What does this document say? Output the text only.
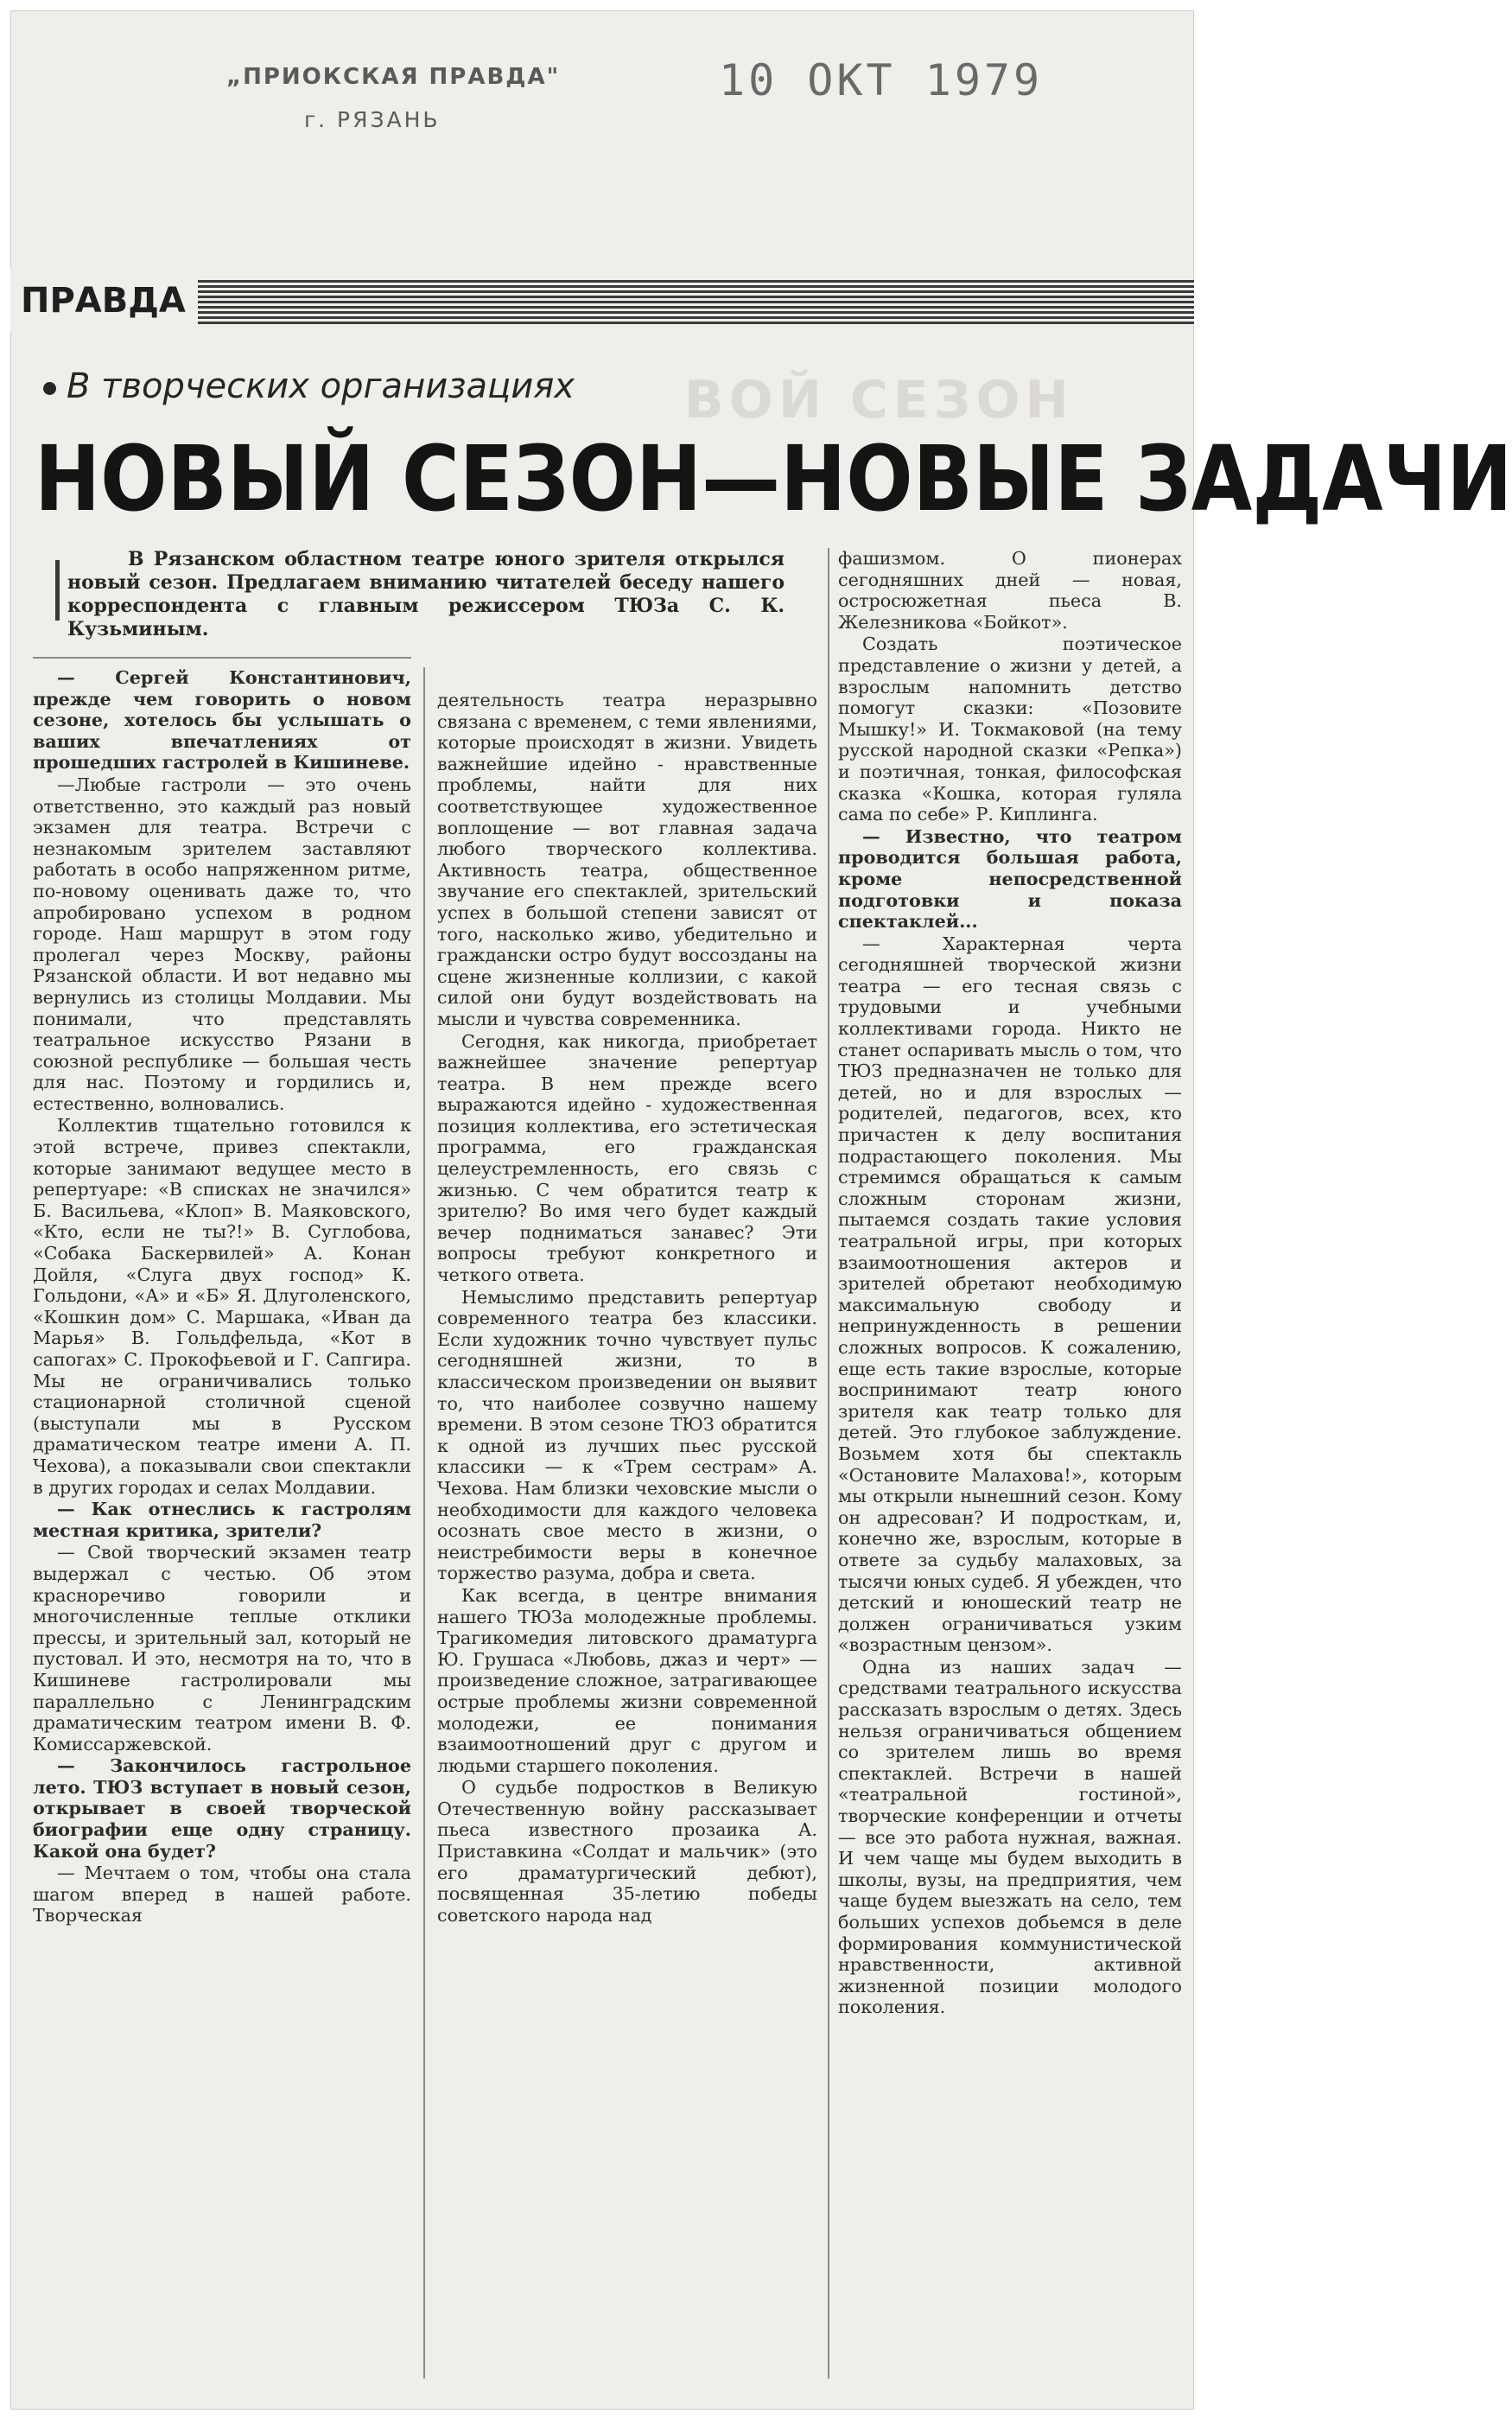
„ПРИОКСКАЯ ПРАВДА"
г. РЯЗАНЬ
10 ОКТ 1979
ПРАВДА
ВОЙ СЕЗОН
В творческих организациях
НОВЫЙ СЕЗОН—НОВЫЕ ЗАДАЧИ
В Рязанском областном театре юного зрителя открылся новый сезон. Предлагаем вниманию читателей беседу нашего корреспондента с главным режиссером ТЮЗа С. К. Кузьминым.

— Сергей Константинович, прежде чем говорить о новом сезоне, хотелось бы услышать о ваших впечатлениях от прошедших гастролей в Кишиневе.

—Любые гастроли — это очень ответственно, это каждый раз новый экзамен для театра. Встречи с незнакомым зрителем заставляют работать в особо напряженном ритме, по-новому оценивать даже то, что апробировано успехом в родном городе. Наш маршрут в этом году пролегал через Москву, районы Рязанской области. И вот недавно мы вернулись из столицы Молдавии. Мы понимали, что представлять театральное искусство Рязани в союзной республике — большая честь для нас. Поэтому и гордились и, естественно, волновались.

Коллектив тщательно готовился к этой встрече, привез спектакли, которые занимают ведущее место в репертуаре: «В списках не значился» Б. Васильева, «Клоп» В. Маяковского, «Кто, если не ты?!» В. Суглобова, «Собака Баскервилей» А. Конан Дойля, «Слуга двух господ» К. Гольдони, «А» и «Б» Я. Длуголенского, «Кошкин дом» С. Маршака, «Иван да Марья» В. Гольдфельда, «Кот в сапогах» С. Прокофьевой и Г. Сапгира. Мы не ограничивались только стационарной столичной сценой (выступали мы в Русском драматическом театре имени А. П. Чехова), а показывали свои спектакли в других городах и селах Молдавии.

— Как отнеслись к гастролям местная критика, зрители?

— Свой творческий экзамен театр выдержал с честью. Об этом красноречиво говорили и многочисленные теплые отклики прессы, и зрительный зал, который не пустовал. И это, несмотря на то, что в Кишиневе гастролировали мы параллельно с Ленинградским драматическим театром имени В. Ф. Комиссаржевской.

— Закончилось гастрольное лето. ТЮЗ вступает в новый сезон, открывает в своей творческой биографии еще одну страницу. Какой она будет?

— Мечтаем о том, чтобы она стала шагом вперед в нашей работе. Творческая

деятельность театра неразрывно связана с временем, с теми явлениями, которые происходят в жизни. Увидеть важнейшие идейно - нравственные проблемы, найти для них соответствующее художественное воплощение — вот главная задача любого творческого коллектива. Активность театра, общественное звучание его спектаклей, зрительский успех в большой степени зависят от того, насколько живо, убедительно и граждански остро будут воссозданы на сцене жизненные коллизии, с какой силой они будут воздействовать на мысли и чувства современника.

Сегодня, как никогда, приобретает важнейшее значение репертуар театра. В нем прежде всего выражаются идейно - художественная позиция коллектива, его эстетическая программа, его гражданская целеустремленность, его связь с жизнью. С чем обратится театр к зрителю? Во имя чего будет каждый вечер подниматься занавес? Эти вопросы требуют конкретного и четкого ответа.

Немыслимо представить репертуар современного театра без классики. Если художник точно чувствует пульс сегодняшней жизни, то в классическом произведении он выявит то, что наиболее созвучно нашему времени. В этом сезоне ТЮЗ обратится к одной из лучших пьес русской классики — к «Трем сестрам» А. Чехова. Нам близки чеховские мысли о необходимости для каждого человека осознать свое место в жизни, о неистребимости веры в конечное торжество разума, добра и света.

Как всегда, в центре внимания нашего ТЮЗа молодежные проблемы. Трагикомедия литовского драматурга Ю. Грушаса «Любовь, джаз и черт» — произведение сложное, затрагивающее острые проблемы жизни современной молодежи, ее понимания взаимоотношений друг с другом и людьми старшего поколения.

О судьбе подростков в Великую Отечественную войну рассказывает пьеса известного прозаика А. Приставкина «Солдат и мальчик» (это его драматургический дебют), посвященная 35-летию победы советского народа над

фашизмом. О пионерах сегодняшних дней — новая, остросюжетная пьеса В. Железникова «Бойкот».

Создать поэтическое представление о жизни у детей, а взрослым напомнить детство помогут сказки: «Позовите Мышку!» И. Токмаковой (на тему русской народной сказки «Репка») и поэтичная, тонкая, философская сказка «Кошка, которая гуляла сама по себе» Р. Киплинга.

— Известно, что театром проводится большая работа, кроме непосредственной подготовки и показа спектаклей...

— Характерная черта сегодняшней творческой жизни театра — его тесная связь с трудовыми и учебными коллективами города. Никто не станет оспаривать мысль о том, что ТЮЗ предназначен не только для детей, но и для взрослых — родителей, педагогов, всех, кто причастен к делу воспитания подрастающего поколения. Мы стремимся обращаться к самым сложным сторонам жизни, пытаемся создать такие условия театральной игры, при которых взаимоотношения актеров и зрителей обретают необходимую максимальную свободу и непринужденность в решении сложных вопросов. К сожалению, еще есть такие взрослые, которые воспринимают театр юного зрителя как театр только для детей. Это глубокое заблуждение. Возьмем хотя бы спектакль «Остановите Малахова!», которым мы открыли нынешний сезон. Кому он адресован? И подросткам, и, конечно же, взрослым, которые в ответе за судьбу малаховых, за тысячи юных судеб. Я убежден, что детский и юношеский театр не должен ограничиваться узким «возрастным цензом».

Одна из наших задач — средствами театрального искусства рассказать взрослым о детях. Здесь нельзя ограничиваться общением со зрителем лишь во время спектаклей. Встречи в нашей «театральной гостиной», творческие конференции и отчеты — все это работа нужная, важная. И чем чаще мы будем выходить в школы, вузы, на предприятия, чем чаще будем выезжать на село, тем больших успехов добьемся в деле формирования коммунистической нравственности, активной жизненной позиции молодого поколения.
